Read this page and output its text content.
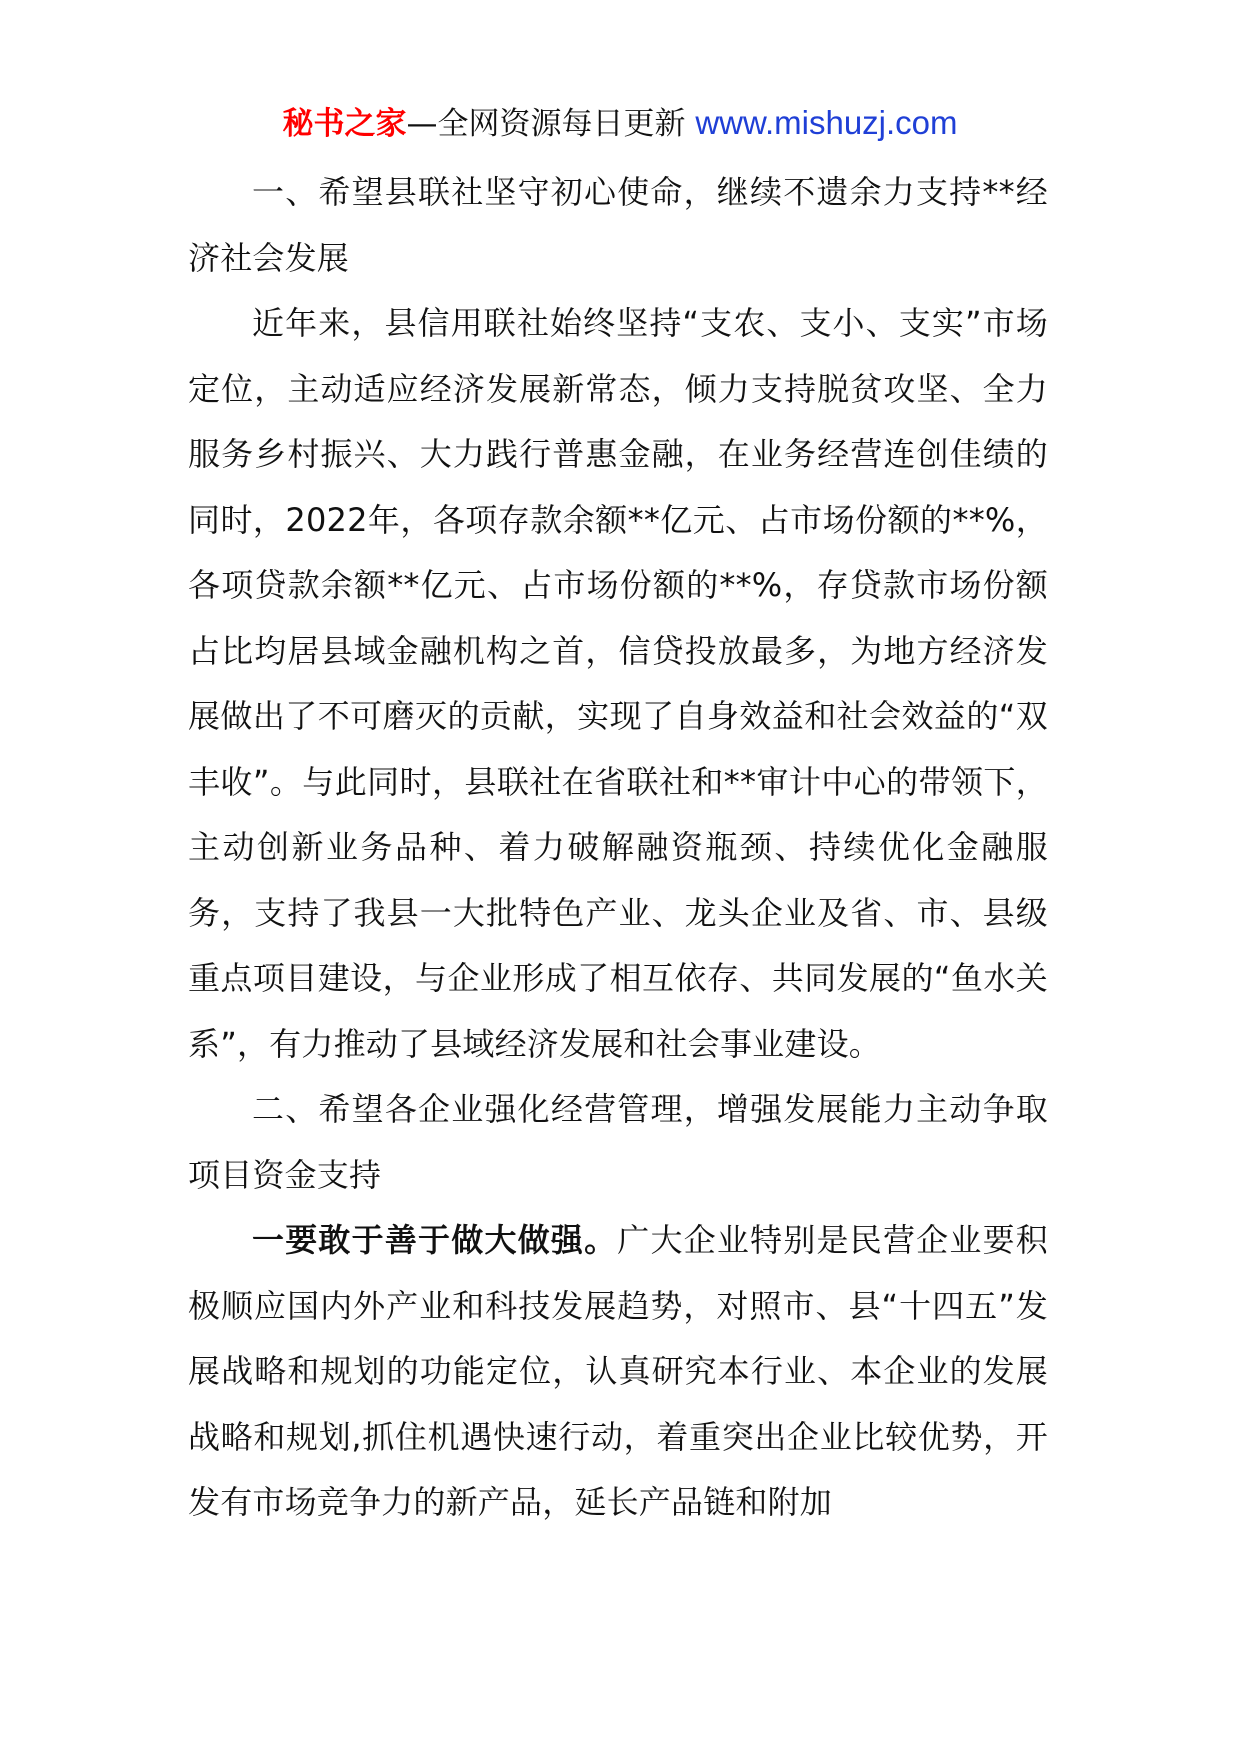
秘书之家—全网资源每日更新 www.mishuzj.com

一、希望县联社坚守初心使命，继续不遗余力支持**经济社会发展

近年来，县信用联社始终坚持“支农、支小、支实”市场定位，主动适应经济发展新常态，倾力支持脱贫攻坚、全力服务乡村振兴、大力践行普惠金融，在业务经营连创佳绩的同时，2022年，各项存款余额**亿元、占市场份额的**%，各项贷款余额**亿元、占市场份额的**%，存贷款市场份额占比均居县域金融机构之首，信贷投放最多，为地方经济发展做出了不可磨灭的贡献，实现了自身效益和社会效益的“双丰收”。与此同时，县联社在省联社和**审计中心的带领下，主动创新业务品种、着力破解融资瓶颈、持续优化金融服务，支持了我县一大批特色产业、龙头企业及省、市、县级重点项目建设，与企业形成了相互依存、共同发展的“鱼水关系”，有力推动了县域经济发展和社会事业建设。

二、希望各企业强化经营管理，增强发展能力主动争取项目资金支持

一要敢于善于做大做强。广大企业特别是民营企业要积极顺应国内外产业和科技发展趋势，对照市、县“十四五”发展战略和规划的功能定位，认真研究本行业、本企业的发展战略和规划,抓住机遇快速行动，着重突出企业比较优势，开发有市场竞争力的新产品，延长产品链和附加
